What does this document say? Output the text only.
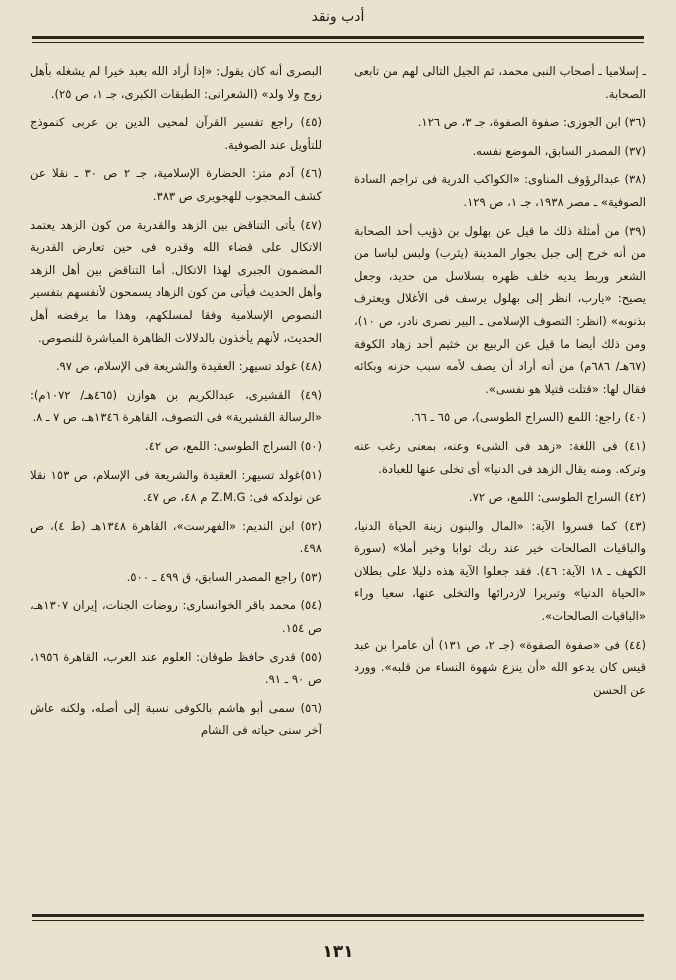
أدب ونقد

ـ إسلاميا ـ أصحاب النبى محمد، ثم الجيل التالى لهم من تابعى الصحابة.

(٣٦) ابن الجوزى: صفوة الصفوة، جـ ٣، ص ١٢٦.

(٣٧) المصدر السابق، الموضع نفسه.

(٣٨) عبدالرؤوف المناوى: «الكواكب الدرية فى تراجم السادة الصوفية» ـ مصر ١٩٣٨، جـ ١، ص ١٢٩.

(٣٩) من أمثلة ذلك ما قيل عن بهلول بن ذؤيب أحد الصحابة من أنه خرج إلى جبل بجوار المدينة (يثرب) ولبس لباسا من الشعر وربط يديه خلف ظهره بسلاسل من حديد، وجعل يصيح: «يارب، انظر إلى بهلول يرسف فى الأغلال ويعترف بذنوبه» (انظر: التصوف الإسلامى ـ البير نصرى نادر، ص ١٠)، ومن ذلك أيضا ما قيل عن الربيع بن خثيم أحد زهاد الكوفة (٦٧هـ/ ٦٨٦م) من أنه أراد أن يصف لأمه سبب حزنه وبكائه فقال لها: «قتلت قتيلا هو نفسى».

(٤٠) راجع: اللمع (السراج الطوسى)، ص ٦٥ ـ ٦٦.

(٤١) فى اللغة: «زهد فى الشىء وعنه، بمعنى رغب عنه وتركه. ومنه يقال الزهد فى الدنيا» أى تخلى عنها للعبادة.

(٤٢) السراج الطوسى: اللمع، ص ٧٢.

(٤٣) كما فسروا الآية: «المال والبنون زينة الحياة الدنيا، والباقيات الصالحات خير عند ربك ثوابا وخير أملا» (سورة الكهف ـ ١٨ الآية: ٤٦). فقد جعلوا الآية هذه دليلا على بطلان «الحياة الدنيا» وتبريرا لازدرائها والتخلى عنها، سعيا وراء «الباقيات الصالحات».

(٤٤) فى «صفوة الصفوة» (جـ ٢، ص ١٣١) أن عامرا بن عبد قيس كان يدعو الله «أن ينزع شهوة النساء من قلبه». وورد عن الحسن

البصرى أنه كان يقول: «إذا أراد الله بعبد خيرا لم يشغله بأهل زوج ولا ولد» (الشعرانى: الطبقات الكبرى، جـ ١، ص ٢٥).

(٤٥) راجع تفسير القرآن لمحيى الدين بن عربى كنموذج للتأويل عند الصوفية.

(٤٦) آدم متز: الحضارة الإسلامية، جـ ٢ ص ٣٠ ـ نقلا عن كشف المحجوب للهجويرى ص ٣٨٣.

(٤٧) يأتى التناقض بين الزهد والقدرية من كون الزهد يعتمد الاتكال على قضاء الله وقدره فى حين تعارض القدرية المضمون الجبرى لهذا الاتكال. أما التناقض بين أهل الزهد وأهل الحديث فيأتى من كون الزهاد يسمحون لأنفسهم بتفسير النصوص الإسلامية وفقا لمسلكهم، وهذا ما يرفضه أهل الحديث، لأنهم يأخذون بالدلالات الظاهرة المباشرة للنصوص.

(٤٨) غولد تسيهر: العقيدة والشريعة فى الإسلام، ص ٩٧.

(٤٩) القشيرى، عبدالكريم بن هوازن (٤٦٥هـ/ ١٠٧٢م): «الرسالة القشيرية» فى التصوف، القاهرة ١٣٤٦هـ، ص ٧ ـ ٨.

(٥٠) السراج الطوسى: اللمع، ص ٤٢.

(٥١)غولد تسيهر: العقيدة والشريعة فى الإسلام، ص ١٥٣ نقلا عن نولدكه فى: Z.M.G م ٤٨، ص ٤٧.

(٥٢) ابن النديم: «الفهرست»، القاهرة ١٣٤٨هـ (ط ٤)، ص ٤٩٨.

(٥٣) راجع المصدر السابق، ق ٤٩٩ ـ ٥٠٠.

(٥٤) محمد باقر الخوانسارى: روضات الجنات، إيران ١٣٠٧هـ، ص ١٥٤.

(٥٥) قدرى حافظ طوقان: العلوم عند العرب، القاهرة ١٩٥٦، ص ٩٠ ـ ٩١.

(٥٦) سمى أبو هاشم بالكوفى نسبة إلى أصله، ولكنه عاش آخر سنى حياته فى الشام

١٣١
